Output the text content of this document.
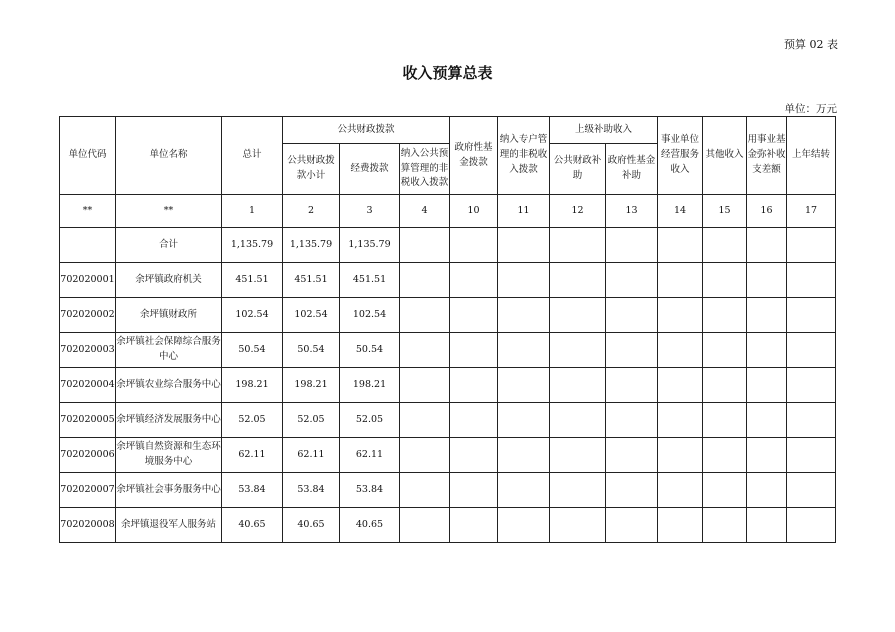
预算 02 表
收入预算总表
单位：万元
单位代码	单位名称	总计	公共财政拨款			政府性基金拨款	纳入专户管理的非税收入拨款	上级补助收入		事业单位经营服务收入	其他收入	用事业基金弥补收支差额	上年结转
			公共财政拨款小计	经费拨款	纳入公共预算管理的非税收入拨款								
								公共财政补助	政府性基金补助				
**	**	1	2	3	4	10	11	12	13	14	15	16	17
	合计	1,135.79	1,135.79	1,135.79									
702020001	余坪镇政府机关	451.51	451.51	451.51									
702020002	余坪镇财政所	102.54	102.54	102.54									
702020003	余坪镇社会保障综合服务中心	50.54	50.54	50.54									
702020004	余坪镇农业综合服务中心	198.21	198.21	198.21									
702020005	余坪镇经济发展服务中心	52.05	52.05	52.05									
702020006	余坪镇自然资源和生态环境服务中心	62.11	62.11	62.11									
702020007	余坪镇社会事务服务中心	53.84	53.84	53.84									
702020008	余坪镇退役军人服务站	40.65	40.65	40.65									
